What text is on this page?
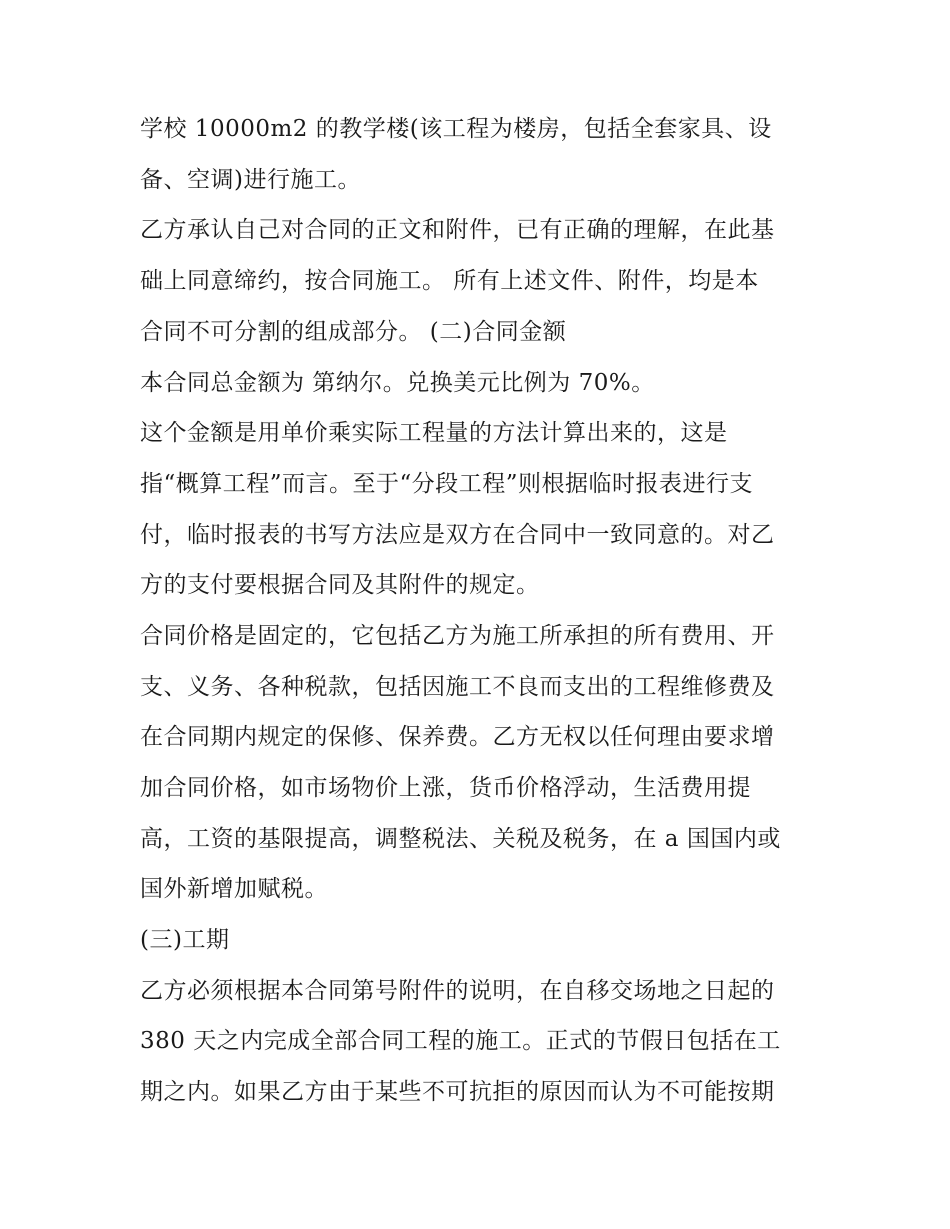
学校 10000m2 的教学楼(该工程为楼房，包括全套家具、设
备、空调)进行施工。
乙方承认自己对合同的正文和附件，已有正确的理解，在此基
础上同意缔约，按合同施工。 所有上述文件、附件，均是本
合同不可分割的组成部分。 (二)合同金额
本合同总金额为 第纳尔。兑换美元比例为 70%。
这个金额是用单价乘实际工程量的方法计算出来的，这是
指“概算工程”而言。至于“分段工程”则根据临时报表进行支
付，临时报表的书写方法应是双方在合同中一致同意的。对乙
方的支付要根据合同及其附件的规定。
合同价格是固定的，它包括乙方为施工所承担的所有费用、开
支、义务、各种税款，包括因施工不良而支出的工程维修费及
在合同期内规定的保修、保养费。乙方无权以任何理由要求增
加合同价格，如市场物价上涨，货币价格浮动，生活费用提
高，工资的基限提高，调整税法、关税及税务，在 a 国国内或
国外新增加赋税。
(三)工期
乙方必须根据本合同第号附件的说明，在自移交场地之日起的
380 天之内完成全部合同工程的施工。正式的节假日包括在工
期之内。如果乙方由于某些不可抗拒的原因而认为不可能按期
